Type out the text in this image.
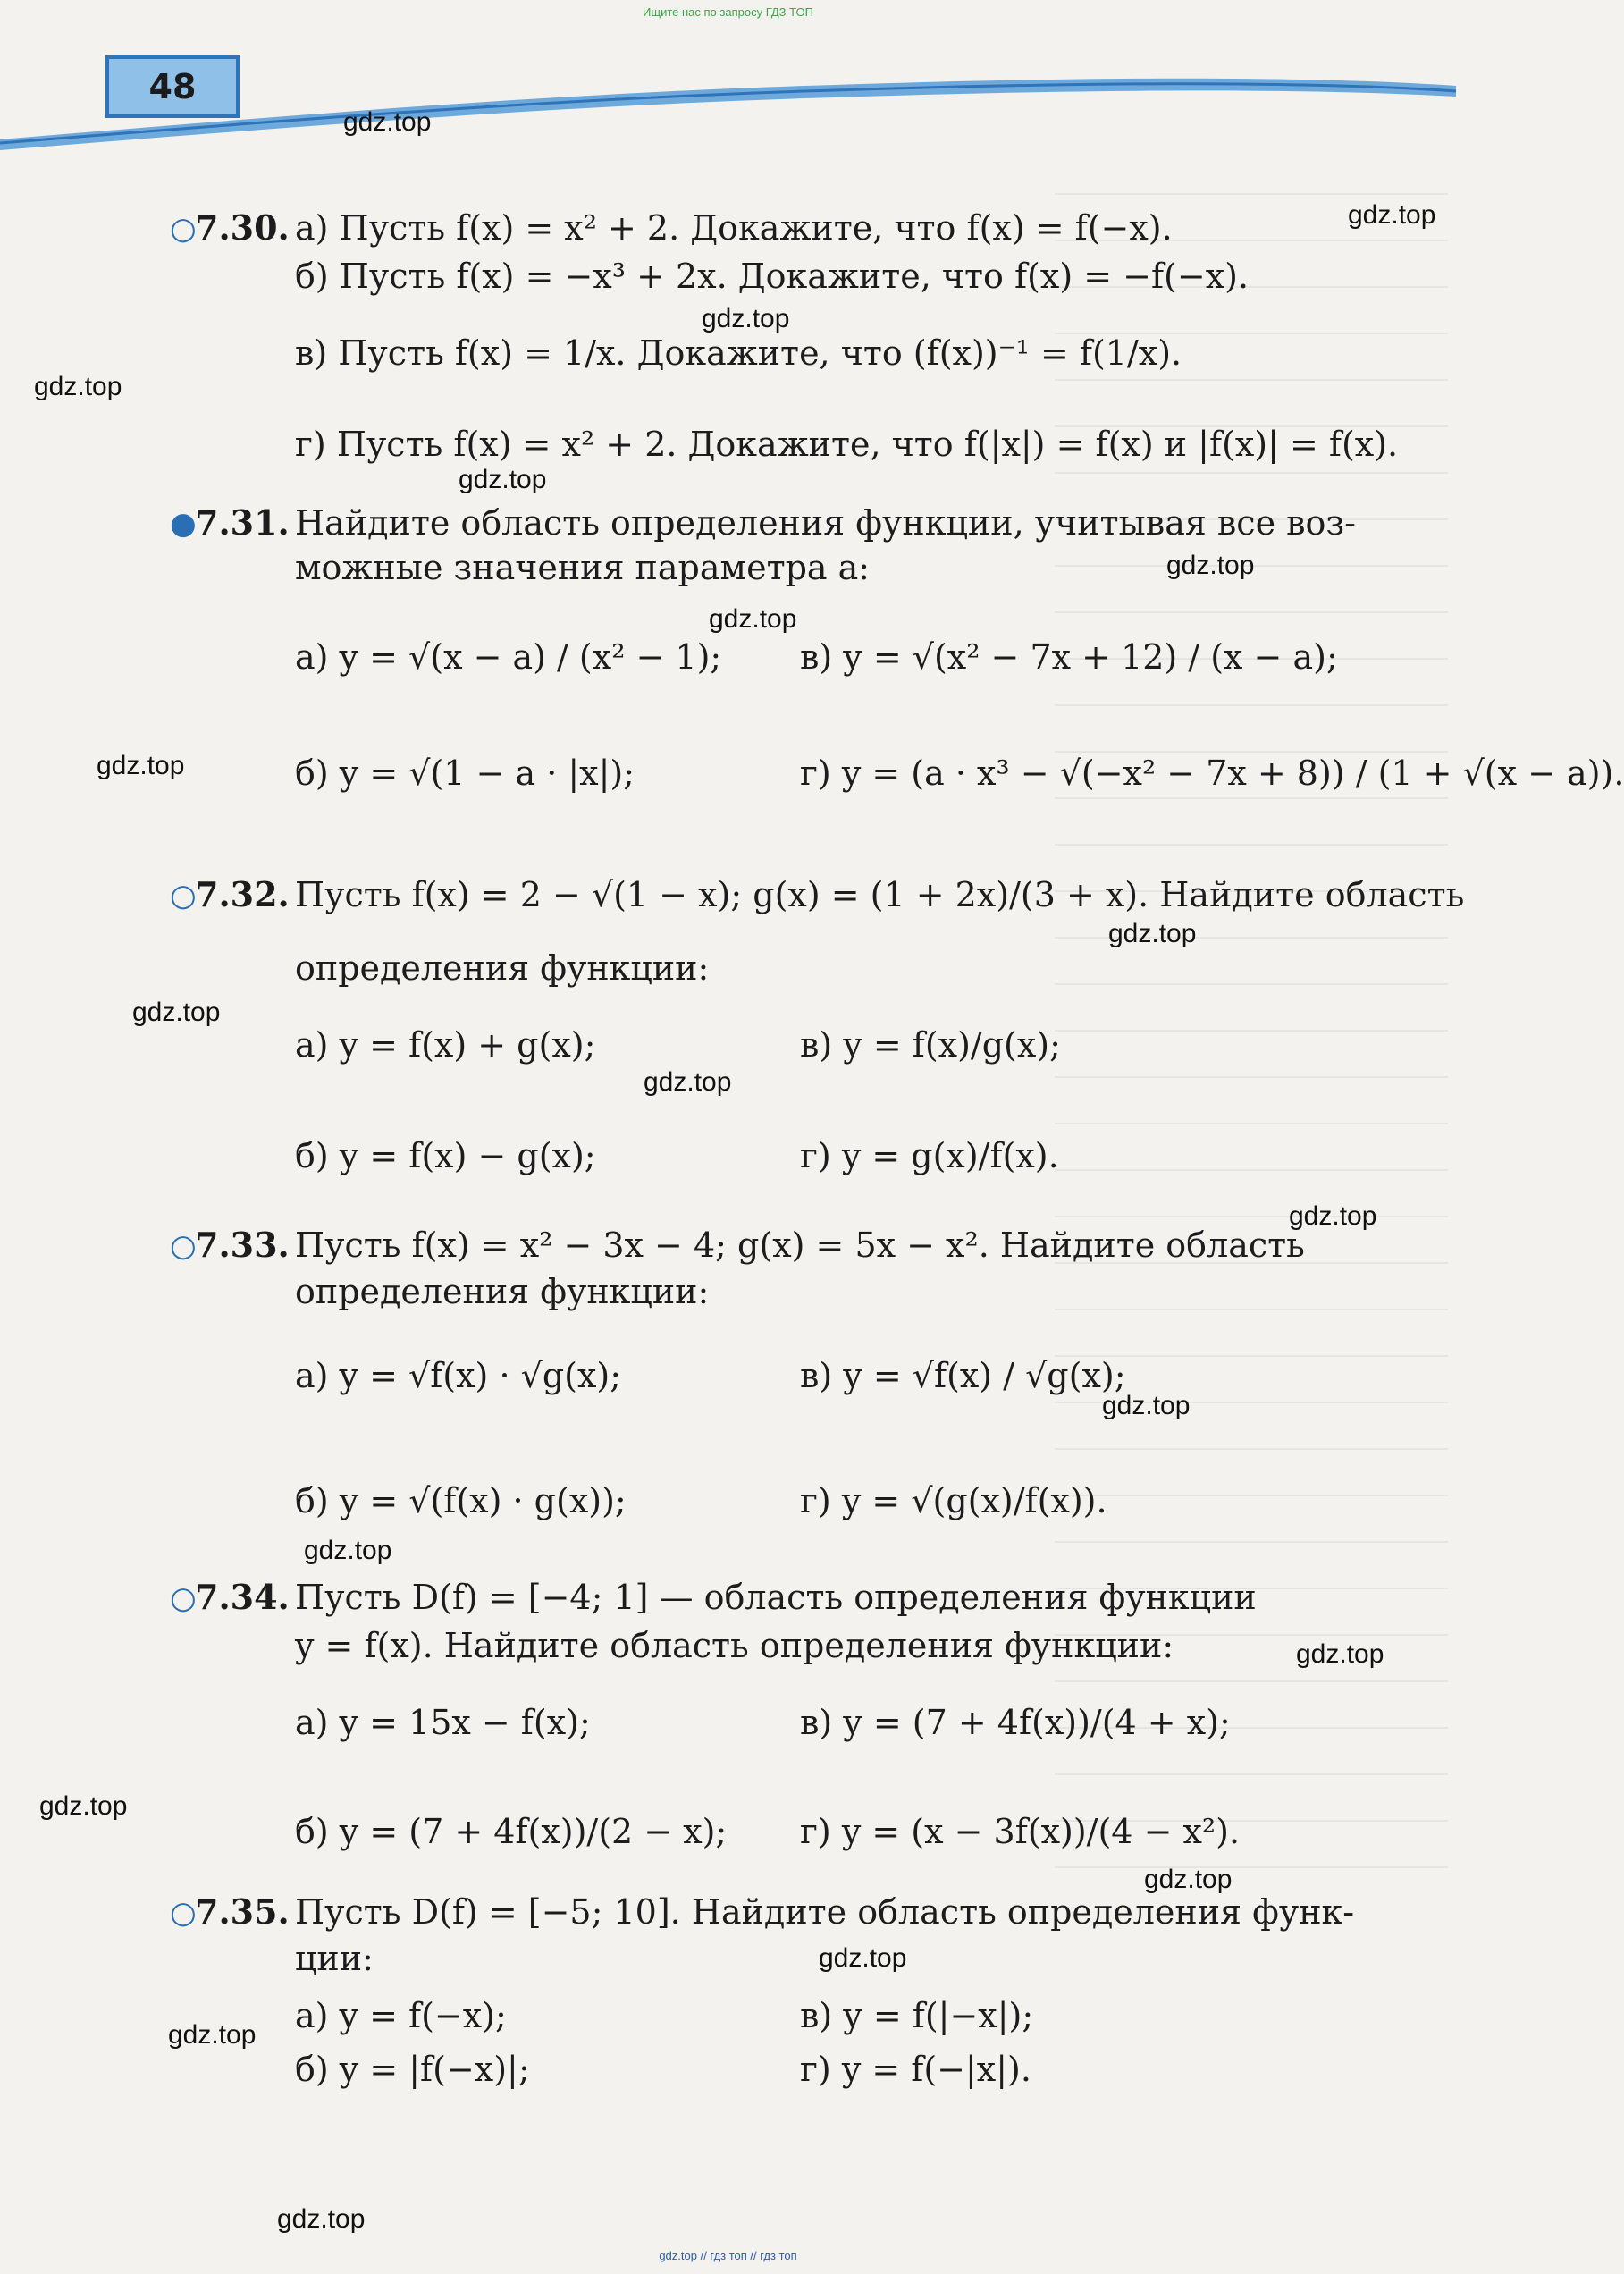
Ищите нас по запросу ГДЗ ТОП
48
gdz.top
gdz.top
gdz.top
gdz.top
gdz.top
gdz.top
gdz.top
gdz.top
gdz.top
gdz.top
gdz.top
gdz.top
gdz.top
gdz.top
gdz.top
gdz.top
gdz.top
gdz.top
gdz.top
gdz.top
○
7.30. а) Пусть f(x) = x² + 2. Докажите, что f(x) = f(−x).
б) Пусть f(x) = −x³ + 2x. Докажите, что f(x) = −f(−x).
в) Пусть f(x) = 1/x. Докажите, что (f(x))⁻¹ = f(1/x).
г) Пусть f(x) = x² + 2. Докажите, что f(|x|) = f(x) и |f(x)| = f(x).
●
7.31. Найдите область определения функции, учитывая все воз-
можные значения параметра a:
а) y = √(x − a) / (x² − 1); в) y = √(x² − 7x + 12) / (x − a);
б) y = √(1 − a · |x|);	г) y = (a · x³ − √(−x² − 7x + 8)) / (1 + √(x − a)).
○
7.32. Пусть f(x) = 2 − √(1 − x); g(x) = (1 + 2x)/(3 + x). Найдите область
определения функции:
а) y = f(x) + g(x);	в) y = f(x)/g(x);
б) y = f(x) − g(x);	г) y = g(x)/f(x).
○
7.33. Пусть f(x) = x² − 3x − 4; g(x) = 5x − x². Найдите область
определения функции:
а) y = √f(x) · √g(x);	в) y = √f(x) / √g(x);
б) y = √(f(x) · g(x));	г) y = √(g(x)/f(x)).
○
7.34. Пусть D(f) = [−4; 1] — область определения функции
y = f(x). Найдите область определения функции:
а) y = 15x − f(x);	в) y = (7 + 4f(x))/(4 + x);
б) y = (7 + 4f(x))/(2 − x); г) y = (x − 3f(x))/(4 − x²).
○
7.35. Пусть D(f) = [−5; 10]. Найдите область определения функ-
ции:
а) y = f(−x);	в) y = f(|−x|);
б) y = |f(−x)|;	г) y = f(−|x|).
gdz.top // гдз топ // гдз топ
